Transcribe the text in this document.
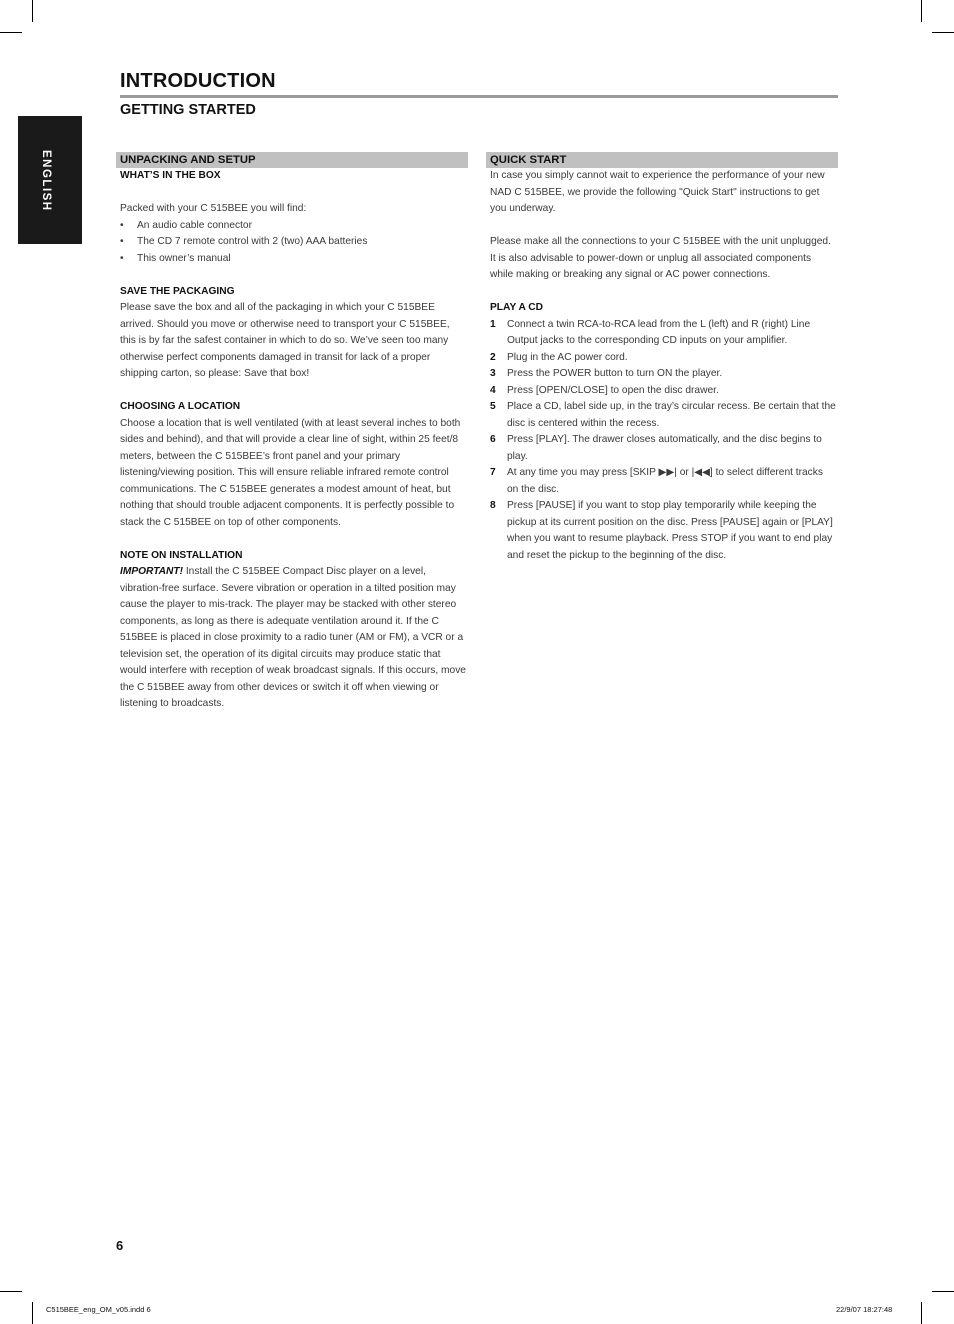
INTRODUCTION
GETTING STARTED
ENGLISH	UNPACKING AND SETUP
WHAT’S IN THE BOX

Packed with your C 515BEE you will find:

• An audio cable connector
• The CD 7 remote control with 2 (two) AAA batteries
• This owner’s manual
SAVE THE PACKAGING

Please save the box and all of the packaging in which your C 515BEE arrived. Should you move or otherwise need to transport your C 515BEE, this is by far the safest container in which to do so. We’ve seen too many otherwise perfect components damaged in transit for lack of a proper shipping carton, so please: Save that box!

CHOOSING A LOCATION

Choose a location that is well ventilated (with at least several inches to both sides and behind), and that will provide a clear line of sight, within 25 feet/8 meters, between the C 515BEE’s front panel and your primary listening/viewing position. This will ensure reliable infrared remote control communications. The C 515BEE generates a modest amount of heat, but nothing that should trouble adjacent components. It is perfectly possible to stack the C 515BEE on top of other components.

NOTE ON INSTALLATION

IMPORTANT! Install the C 515BEE Compact Disc player on a level, vibration-free surface. Severe vibration or operation in a tilted position may cause the player to mis-track. The player may be stacked with other stereo components, as long as there is adequate ventilation around it. If the C 515BEE is placed in close proximity to a radio tuner (AM or FM), a VCR or a television set, the operation of its digital circuits may produce static that would interfere with reception of weak broadcast signals. If this occurs, move the C 515BEE away from other devices or switch it off when viewing or listening to broadcasts.

QUICK START

In case you simply cannot wait to experience the performance of your new NAD C 515BEE, we provide the following "Quick Start" instructions to get you underway.

Please make all the connections to your C 515BEE with the unit unplugged. It is also advisable to power-down or unplug all associated components while making or breaking any signal or AC power connections.

PLAY A CD
1	Connect a twin RCA-to-RCA lead from the L (left) and R (right) Line Output jacks to the corresponding CD inputs on your amplifier.
2	Plug in the AC power cord.
3	Press the POWER button to turn ON the player.
4	Press [OPEN/CLOSE] to open the disc drawer.
5	Place a CD, label side up, in the tray’s circular recess. Be certain that the disc is centered within the recess.
6	Press [PLAY]. The drawer closes automatically, and the disc begins to play.
7	At any time you may press [SKIP ▶▶| or |◀◀] to select different tracks on the disc.
8	Press [PAUSE] if you want to stop play temporarily while keeping the pickup at its current position on the disc. Press [PAUSE] again or [PLAY] when you want to resume playback. Press STOP if you want to end play and reset the pickup to the beginning of the disc.
6
C515BEE_eng_OM_v05.indd 6	22/9/07 18:27:48
